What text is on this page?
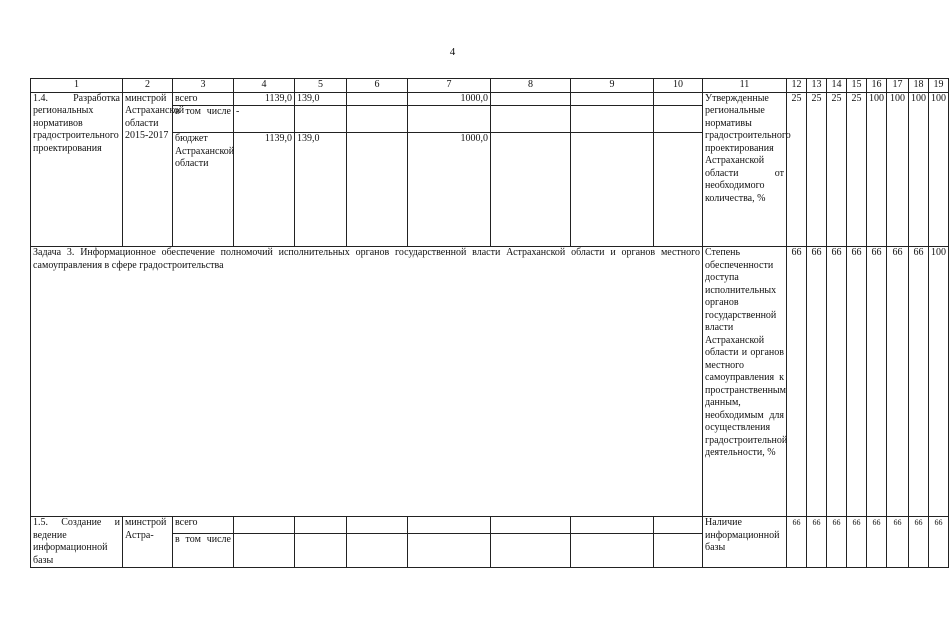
4
1	2	3	4	5	6	7	8	9	10	11	12	13	14	15	16	17	18	19
1.4. Разработка региональных нормативов градостроительного проектирования	минстрой Астраханской области 2015-2017	всего	1139,0	139,0		1000,0				Утвержденные региональные нормативы градостроительного проектирования Астраханской области от необходимого количества, %	25	25	25	25	100	100	100	100
		в том числе	-															
		бюджет Астраханской области	1139,0	139,0		1000,0												
Задача 3. Информационное обеспечение полномочий исполнительных органов государственной власти Астраханской области и органов местного самоуправления в сфере градостроительства										Степень обеспеченности доступа исполнительных органов государственной власти Астраханской области и органов местного самоуправления к пространственным данным, необходимым для осуществления градостроительной деятельности, %	66	66	66	66	66	66	66	100
1.5. Создание и ведение информационной базы	минстрой Астра-	всего								Наличие информационной базы	66	66	66	66	66	66	66	66
		в том числе																
